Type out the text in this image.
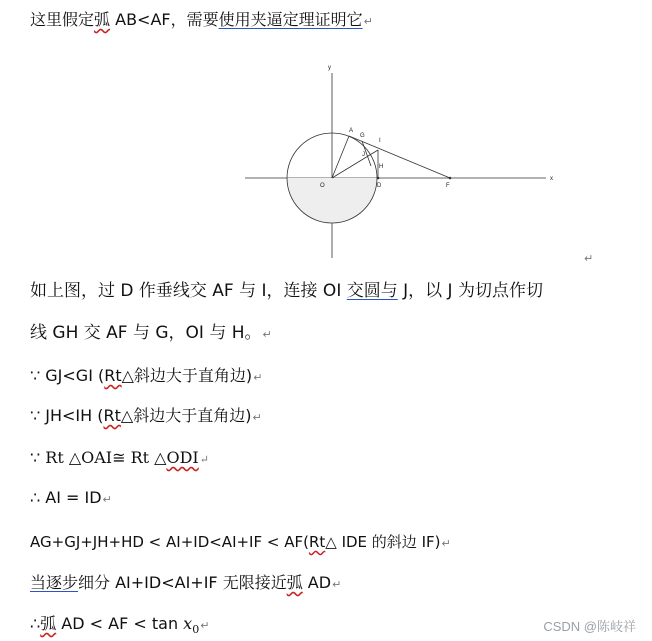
这里假定弧 AB<AF，需要使用夹逼定理证明它↵
x
y
A
G
I
J
H
O	D	F
↵
如上图，过 D 作垂线交 AF 与 I，连接 OI 交圆与 J，以 J 为切点作切
线 GH 交 AF 与 G，OI 与 H。↵
∵ GJ<GI (Rt△斜边大于直角边)↵
∵ JH<IH (Rt△斜边大于直角边)↵
∵ Rt △OAI≅ Rt △ODI↵
∴ AI = ID↵
AG+GJ+JH+HD < AI+ID<AI+IF < AF(Rt△ IDE 的斜边 IF)↵
当逐步细分 AI+ID<AI+IF 无限接近弧 AD↵
∴弧 AD < AF < $\tan x_0↵$	CSDN @陈岐祥
